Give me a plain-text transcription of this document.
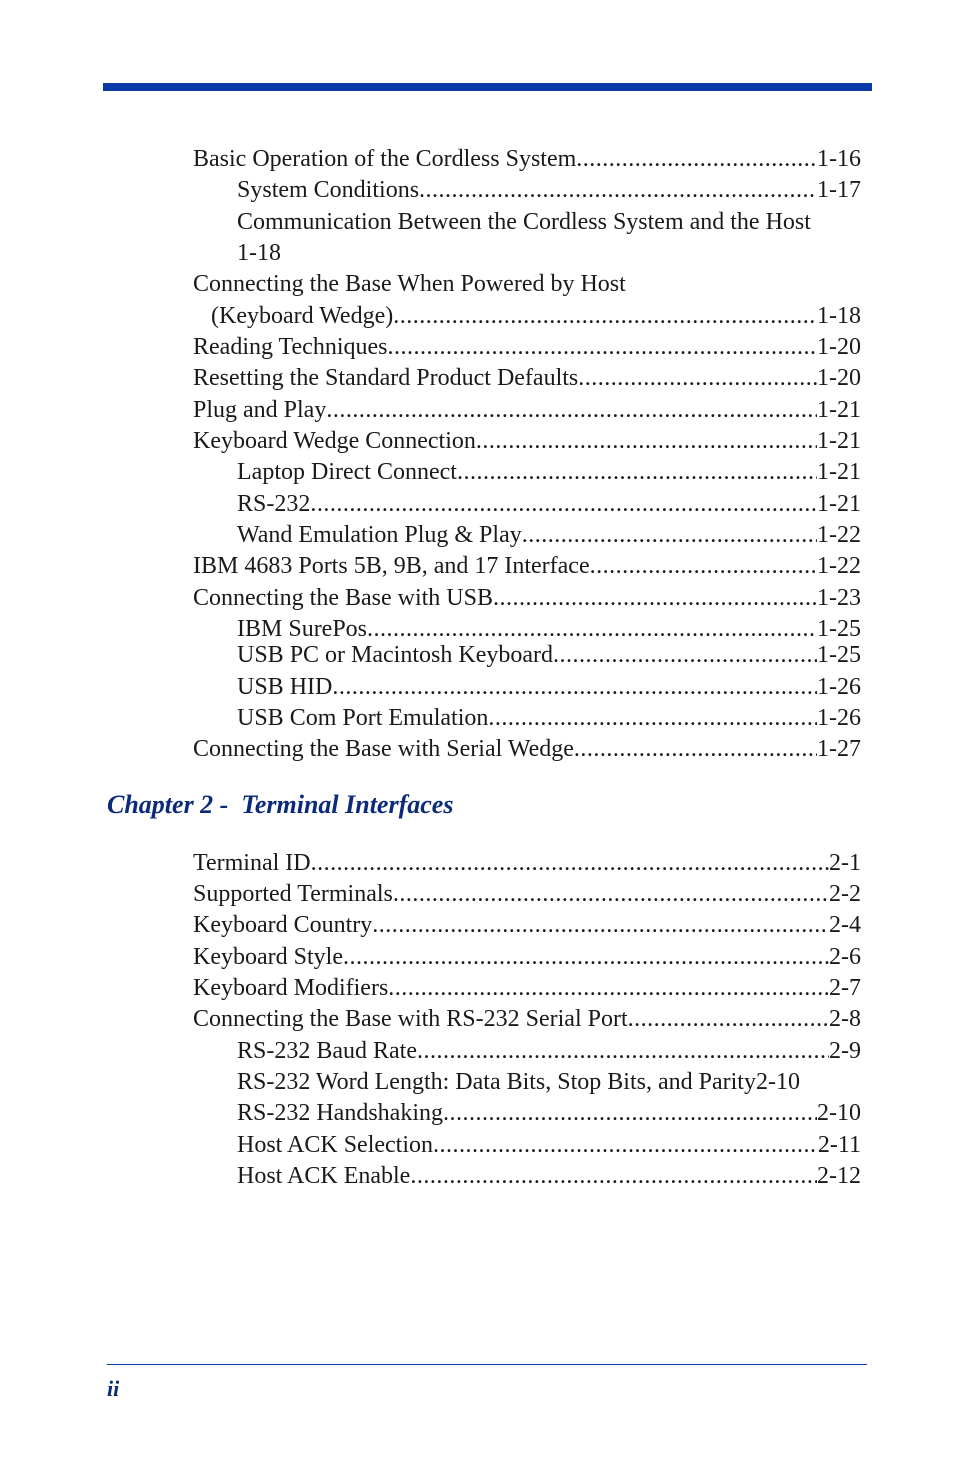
Basic Operation of the Cordless System .....	1-16
System Conditions .....	1-17
Communication Between the Cordless System and the Host
1-18
Connecting the Base When Powered by Host
(Keyboard Wedge) .....	1-18
Reading Techniques .....	1-20
Resetting the Standard Product Defaults .....	1-20
Plug and Play .....	1-21
Keyboard Wedge Connection .....	1-21
Laptop Direct Connect .....	1-21
RS-232 .....	1-21
Wand Emulation Plug & Play .....	1-22
IBM 4683 Ports 5B, 9B, and 17 Interface .....	1-22
Connecting the Base with USB .....	1-23
IBM SurePos .....	1-25
USB PC or Macintosh Keyboard .....	1-25
USB HID .....	1-26
USB Com Port Emulation .....	1-26
Connecting the Base with Serial Wedge .....	1-27
Chapter 2 -  Terminal Interfaces
Terminal ID .....	2-1
Supported Terminals .....	2-2
Keyboard Country .....	2-4
Keyboard Style .....	2-6
Keyboard Modifiers .....	2-7
Connecting the Base with RS-232 Serial Port .....	2-8
RS-232 Baud Rate .....	2-9
RS-232 Word Length: Data Bits, Stop Bits, and Parity 2-10
RS-232 Handshaking .....	2-10
Host ACK Selection .....	2-11
Host ACK Enable .....	2-12
ii
